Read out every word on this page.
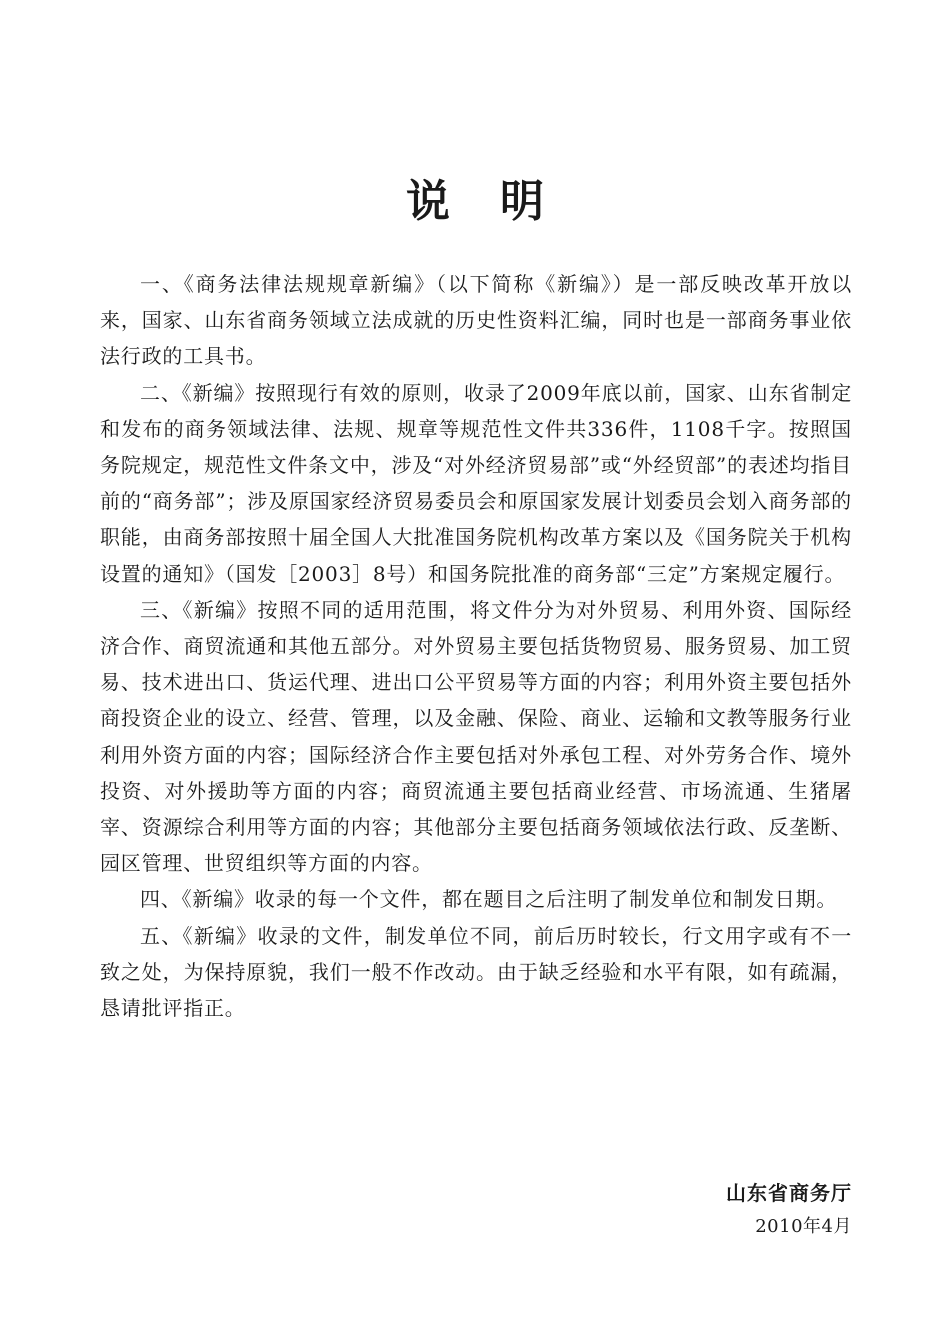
说明

一、《商务法律法规规章新编》（以下简称《新编》）是一部反映改革开放以来，国家、山东省商务领域立法成就的历史性资料汇编，同时也是一部商务事业依法行政的工具书。

二、《新编》按照现行有效的原则，收录了2009年底以前，国家、山东省制定和发布的商务领域法律、法规、规章等规范性文件共336件，1108千字。按照国务院规定，规范性文件条文中，涉及“对外经济贸易部”或“外经贸部”的表述均指目前的“商务部”；涉及原国家经济贸易委员会和原国家发展计划委员会划入商务部的职能，由商务部按照十届全国人大批准国务院机构改革方案以及《国务院关于机构设置的通知》（国发［2003］8号）和国务院批准的商务部“三定”方案规定履行。

三、《新编》按照不同的适用范围，将文件分为对外贸易、利用外资、国际经济合作、商贸流通和其他五部分。对外贸易主要包括货物贸易、服务贸易、加工贸易、技术进出口、货运代理、进出口公平贸易等方面的内容；利用外资主要包括外商投资企业的设立、经营、管理，以及金融、保险、商业、运输和文教等服务行业利用外资方面的内容；国际经济合作主要包括对外承包工程、对外劳务合作、境外投资、对外援助等方面的内容；商贸流通主要包括商业经营、市场流通、生猪屠宰、资源综合利用等方面的内容；其他部分主要包括商务领域依法行政、反垄断、园区管理、世贸组织等方面的内容。

四、《新编》收录的每一个文件，都在题目之后注明了制发单位和制发日期。

五、《新编》收录的文件，制发单位不同，前后历时较长，行文用字或有不一致之处，为保持原貌，我们一般不作改动。由于缺乏经验和水平有限，如有疏漏，恳请批评指正。

山东省商务厅
2010年4月
